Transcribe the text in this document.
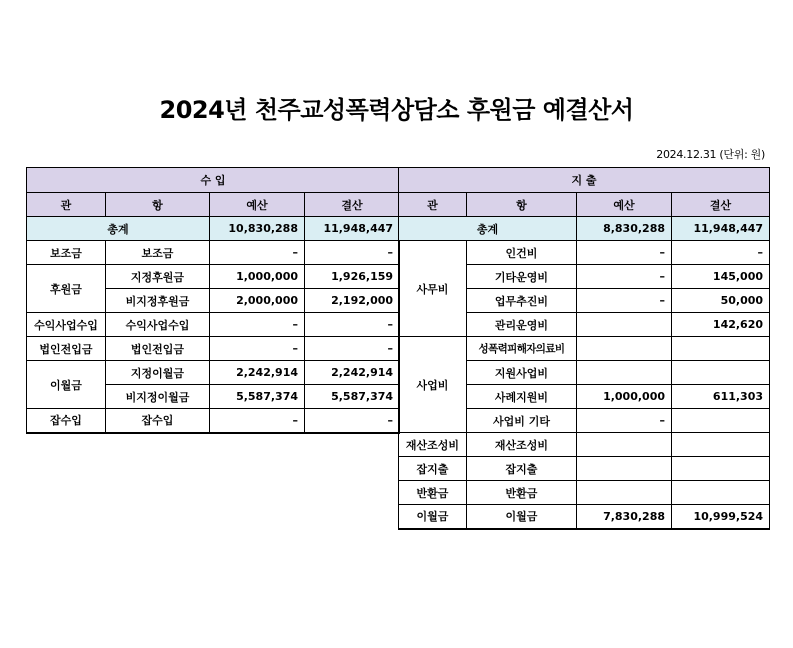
2024년 천주교성폭력상담소 후원금 예결산서
2024.12.31 (단위: 원)
수 입			
관	항	예산	결산
총계		10,830,288	11,948,447
보조금	보조금	–	–
후원금	지정후원금	1,000,000	1,926,159
	비지정후원금	2,000,000	2,192,000
수익사업수입	수익사업수입	–	–
법인전입금	법인전입금	–	–
이월금	지정이월금	2,242,914	2,242,914
	비지정이월금	5,587,374	5,587,374
잡수입	잡수입	–	–
지 출			
관	항	예산	결산
총계		8,830,288	11,948,447
사무비	인건비	–	–
	기타운영비	–	145,000
	업무추진비	–	50,000
	관리운영비		142,620
사업비	성폭력피해자의료비		
	지원사업비		
	사례지원비	1,000,000	611,303
	사업비 기타	–	
재산조성비	재산조성비		
잡지출	잡지출		
반환금	반환금		
이월금	이월금	7,830,288	10,999,524
